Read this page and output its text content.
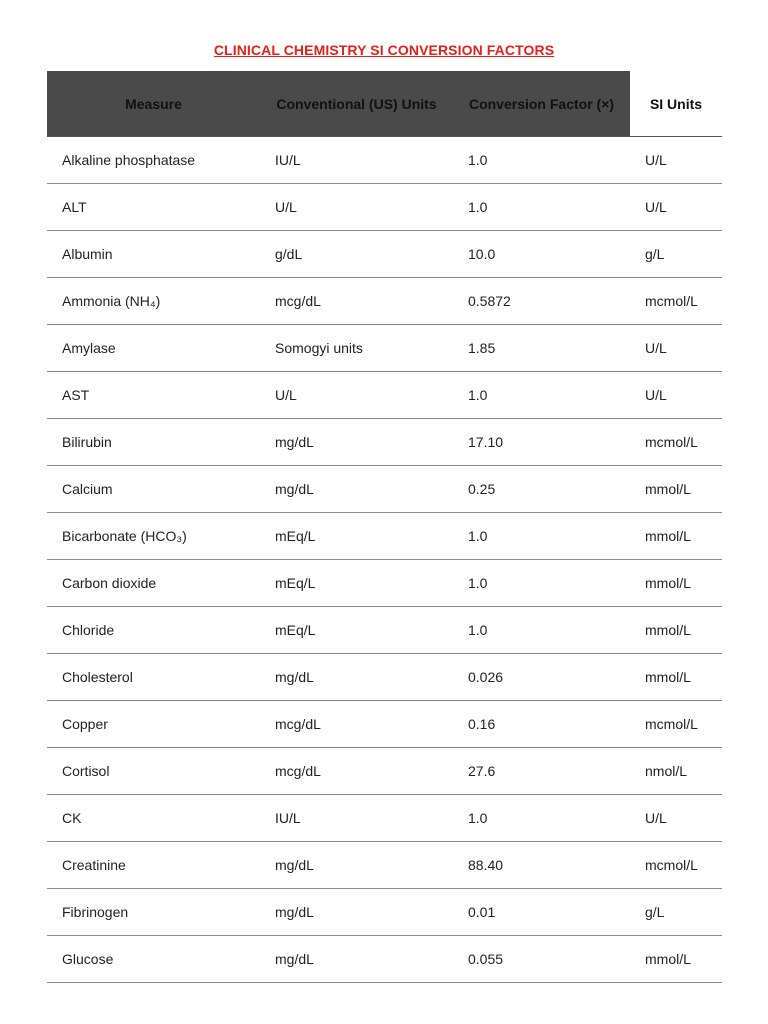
CLINICAL CHEMISTRY SI CONVERSION FACTORS
Measure	Conventional (US) Units	Conversion Factor (×)	SI Units
Alkaline phosphatase	IU/L	1.0	U/L
ALT	U/L	1.0	U/L
Albumin	g/dL	10.0	g/L
Ammonia (NH₄)	mcg/dL	0.5872	mcmol/L
Amylase	Somogyi units	1.85	U/L
AST	U/L	1.0	U/L
Bilirubin	mg/dL	17.10	mcmol/L
Calcium	mg/dL	0.25	mmol/L
Bicarbonate (HCO₃)	mEq/L	1.0	mmol/L
Carbon dioxide	mEq/L	1.0	mmol/L
Chloride	mEq/L	1.0	mmol/L
Cholesterol	mg/dL	0.026	mmol/L
Copper	mcg/dL	0.16	mcmol/L
Cortisol	mcg/dL	27.6	nmol/L
CK	IU/L	1.0	U/L
Creatinine	mg/dL	88.40	mcmol/L
Fibrinogen	mg/dL	0.01	g/L
Glucose	mg/dL	0.055	mmol/L
